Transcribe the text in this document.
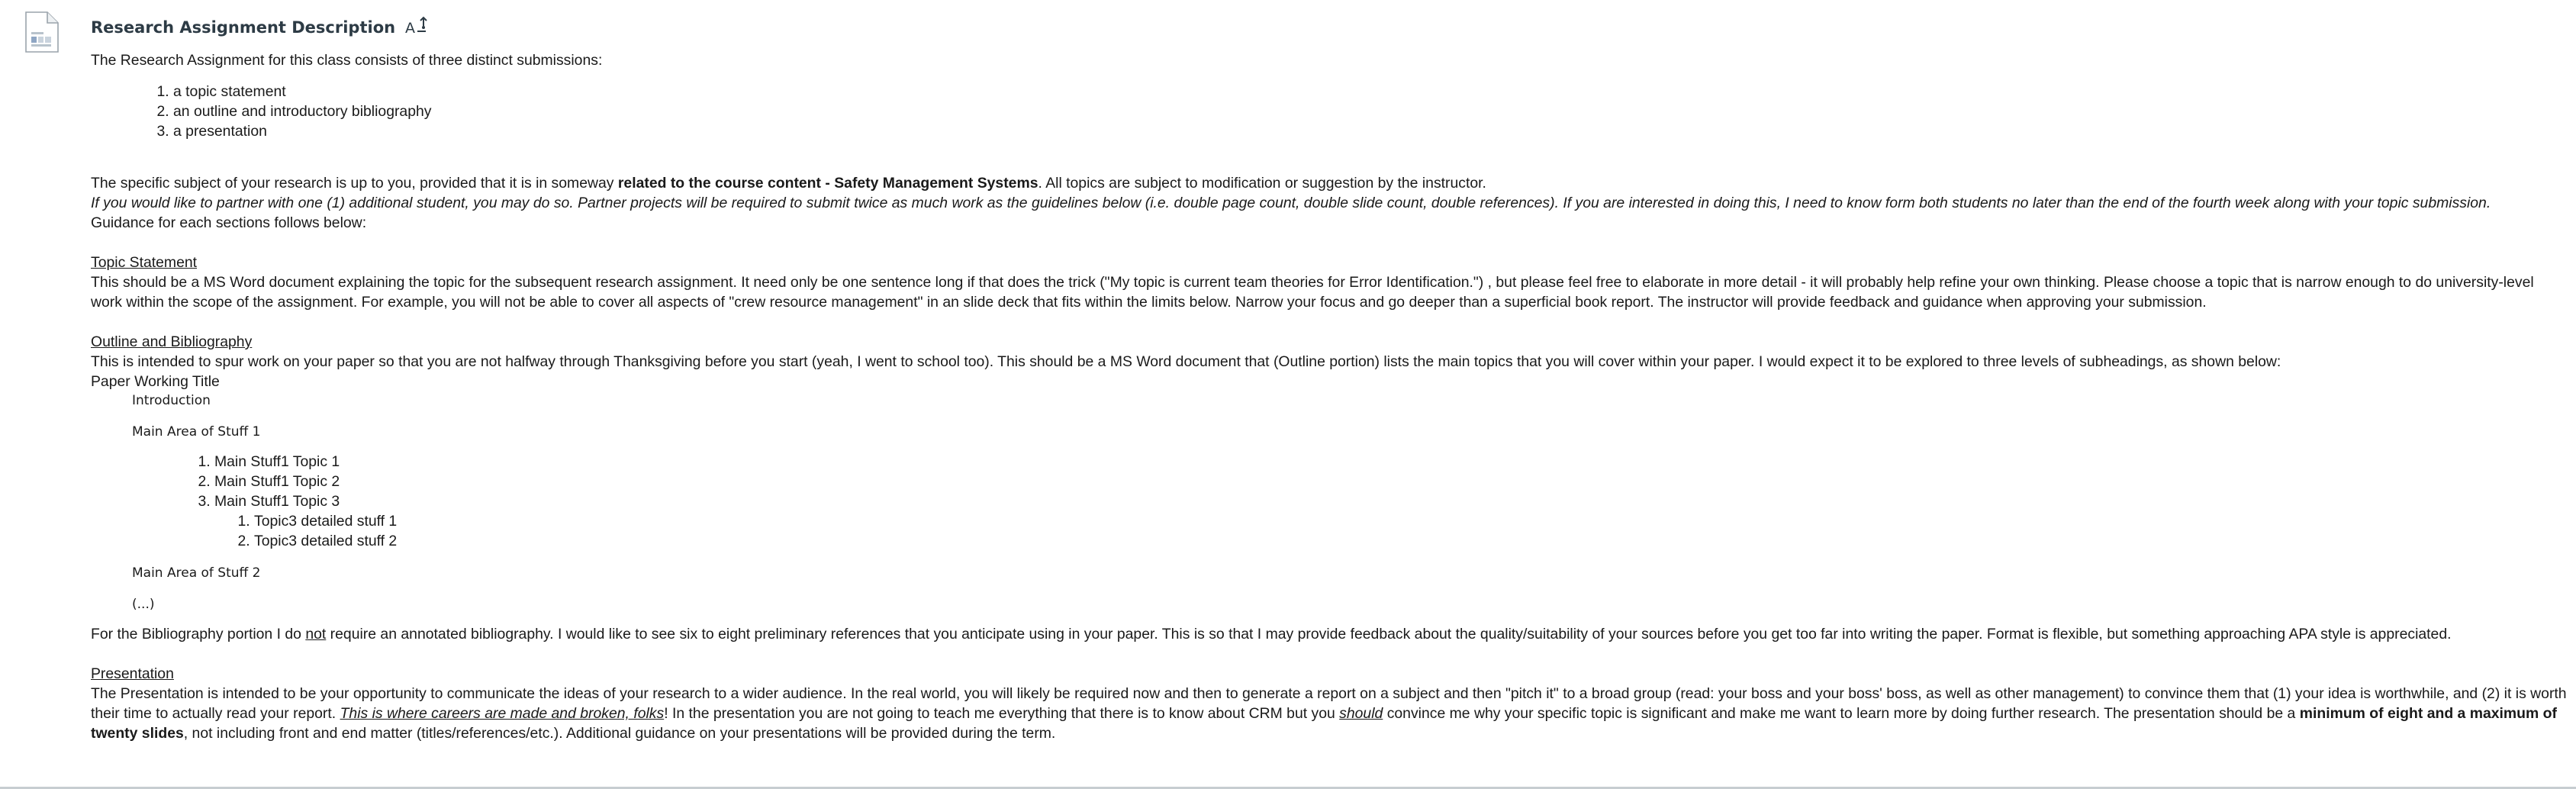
Research Assignment Description A

The Research Assignment for this class consists of three distinct submissions:

1. a topic statement
2. an outline and introductory bibliography
3. a presentation

The specific subject of your research is up to you, provided that it is in someway related to the course content - Safety Management Systems. All topics are subject to modification or suggestion by the instructor.

If you would like to partner with one (1) additional student, you may do so. Partner projects will be required to submit twice as much work as the guidelines below (i.e. double page count, double slide count, double references). If you are interested in doing this, I need to know form both students no later than the end of the fourth week along with your topic submission.

Guidance for each sections follows below:

Topic Statement

This should be a MS Word document explaining the topic for the subsequent research assignment. It need only be one sentence long if that does the trick ("My topic is current team theories for Error Identification.") , but please feel free to elaborate in more detail - it will probably help refine your own thinking. Please choose a topic that is narrow enough to do university-level work within the scope of the assignment. For example, you will not be able to cover all aspects of "crew resource management" in an slide deck that fits within the limits below. Narrow your focus and go deeper than a superficial book report. The instructor will provide feedback and guidance when approving your submission.

Outline and Bibliography

This is intended to spur work on your paper so that you are not halfway through Thanksgiving before you start (yeah, I went to school too). This should be a MS Word document that (Outline portion) lists the main topics that you will cover within your paper. I would expect it to be explored to three levels of subheadings, as shown below:

Paper Working Title

Introduction
Main Area of Stuff 1
1. Main Stuff1 Topic 1
2. Main Stuff1 Topic 2
3. Main Stuff1 Topic 3
1. Topic3 detailed stuff 1
2. Topic3 detailed stuff 2
Main Area of Stuff 2
(...)

For the Bibliography portion I do not require an annotated bibliography. I would like to see six to eight preliminary references that you anticipate using in your paper. This is so that I may provide feedback about the quality/suitability of your sources before you get too far into writing the paper. Format is flexible, but something approaching APA style is appreciated.

Presentation

The Presentation is intended to be your opportunity to communicate the ideas of your research to a wider audience. In the real world, you will likely be required now and then to generate a report on a subject and then "pitch it" to a broad group (read: your boss and your boss' boss, as well as other management) to convince them that (1) your idea is worthwhile, and (2) it is worth their time to actually read your report. This is where careers are made and broken, folks! In the presentation you are not going to teach me everything that there is to know about CRM but you should convince me why your specific topic is significant and make me want to learn more by doing further research. The presentation should be a minimum of eight and a maximum of twenty slides, not including front and end matter (titles/references/etc.). Additional guidance on your presentations will be provided during the term.
